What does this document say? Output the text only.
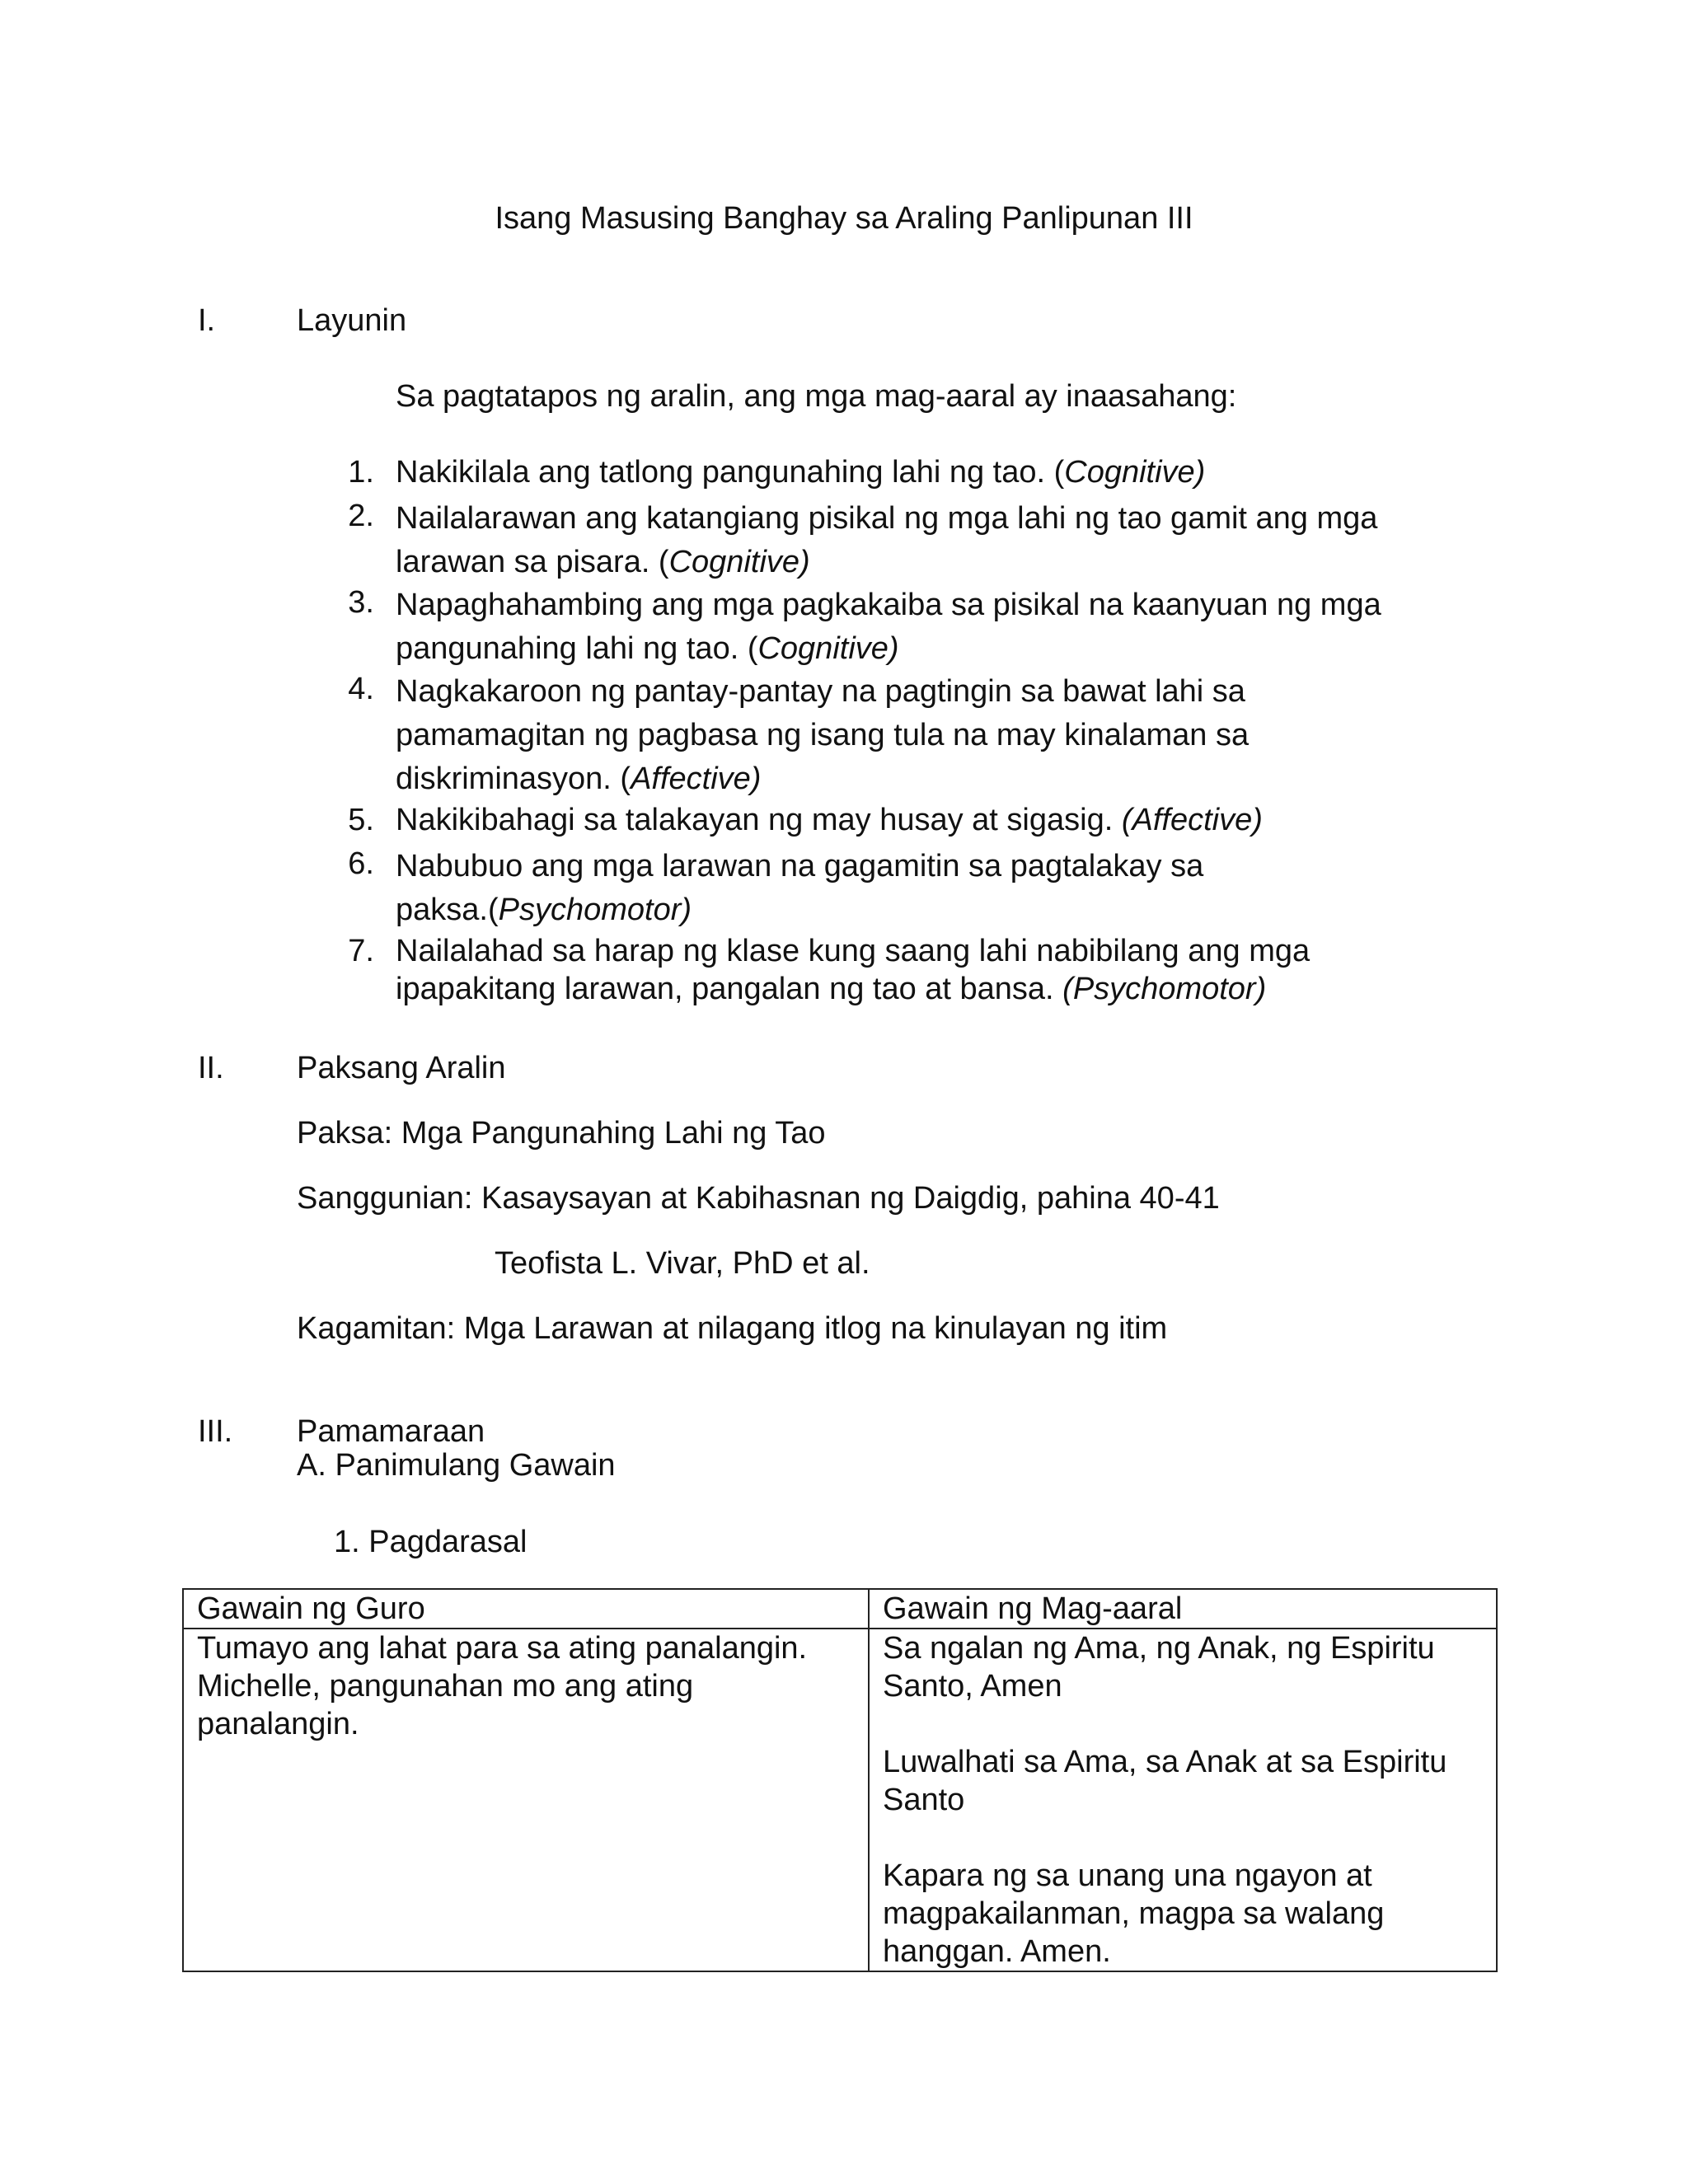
Isang Masusing Banghay sa Araling Panlipunan III
I.	Layunin
Sa pagtatapos ng aralin, ang mga mag-aaral ay inaasahang:
1. Nakikilala ang tatlong pangunahing lahi ng tao. (Cognitive)
2. Nailalarawan ang katangiang pisikal ng mga lahi ng tao gamit ang mga
larawan sa pisara. (Cognitive)
3. Napaghahambing ang mga pagkakaiba sa pisikal na kaanyuan ng mga
pangunahing lahi ng tao. (Cognitive)
4. Nagkakaroon ng pantay-pantay na pagtingin sa bawat lahi sa
pamamagitan ng pagbasa ng isang tula na may kinalaman sa
diskriminasyon. (Affective)
5. Nakikibahagi sa talakayan ng may husay at sigasig. (Affective)
6. Nabubuo ang mga larawan na gagamitin sa pagtalakay sa
paksa.(Psychomotor)
7. Nailalahad sa harap ng klase kung saang lahi nabibilang ang mga
ipapakitang larawan, pangalan ng tao at bansa. (Psychomotor)
II. Paksang Aralin
Paksa: Mga Pangunahing Lahi ng Tao
Sanggunian: Kasaysayan at Kabihasnan ng Daigdig, pahina 40-41
Teofista L. Vivar, PhD et al.
Kagamitan: Mga Larawan at nilagang itlog na kinulayan ng itim
III. Pamamaraan
A. Panimulang Gawain
1. Pagdarasal
Gawain ng Guro	Gawain ng Mag-aaral
Tumayo ang lahat para sa ating panalangin. Michelle, pangunahan mo ang ating panalangin.	Sa ngalan ng Ama, ng Anak, ng Espiritu Santo, Amen
Luwalhati sa Ama, sa Anak at sa Espiritu Santo
Kapara ng sa unang una ngayon at magpakailanman, magpa sa walang hanggan. Amen.
